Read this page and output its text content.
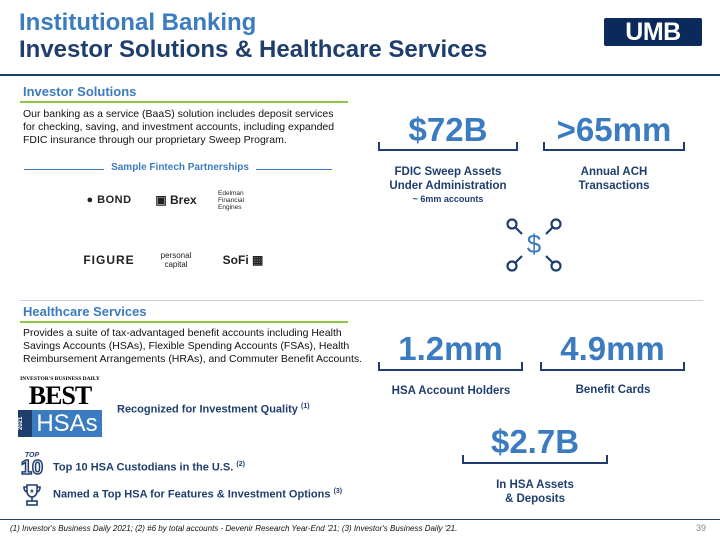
Institutional Banking
Investor Solutions & Healthcare Services
UMB
Investor Solutions
Our banking as a service (BaaS) solution includes deposit services for checking, saving, and investment accounts, including expanded FDIC insurance through our proprietary Sweep Program.
Sample Fintech Partnerships
● BOND ▣ Brex	Edelman Financial Engines
FIGURE	personal capital	SoFi ▦
$72B
FDIC Sweep Assets
Under Administration
~ 6mm accounts
>65mm
Annual ACH
Transactions
$
Healthcare Services
Provides a suite of tax-advantaged benefit accounts including Health Savings Accounts (HSAs), Flexible Spending Accounts (FSAs), Health Reimbursement Arrangements (HRAs), and Commuter Benefit Accounts.
INVESTOR'S BUSINESS DAILY
BEST
2021 HSAs
Recognized for Investment Quality $^{(1)}$
TOP
10 Top 10 HSA Custodians in the U.S. $^{(2)}$
★ Named a Top HSA for Features & Investment Options $^{(3)}$
1.2mm
HSA Account Holders
4.9mm
Benefit Cards
$2.7B
In HSA Assets
& Deposits
(1) Investor's Business Daily 2021; (2) #6 by total accounts - Devenir Research Year-End '21; (3) Investor's Business Daily '21.	39
